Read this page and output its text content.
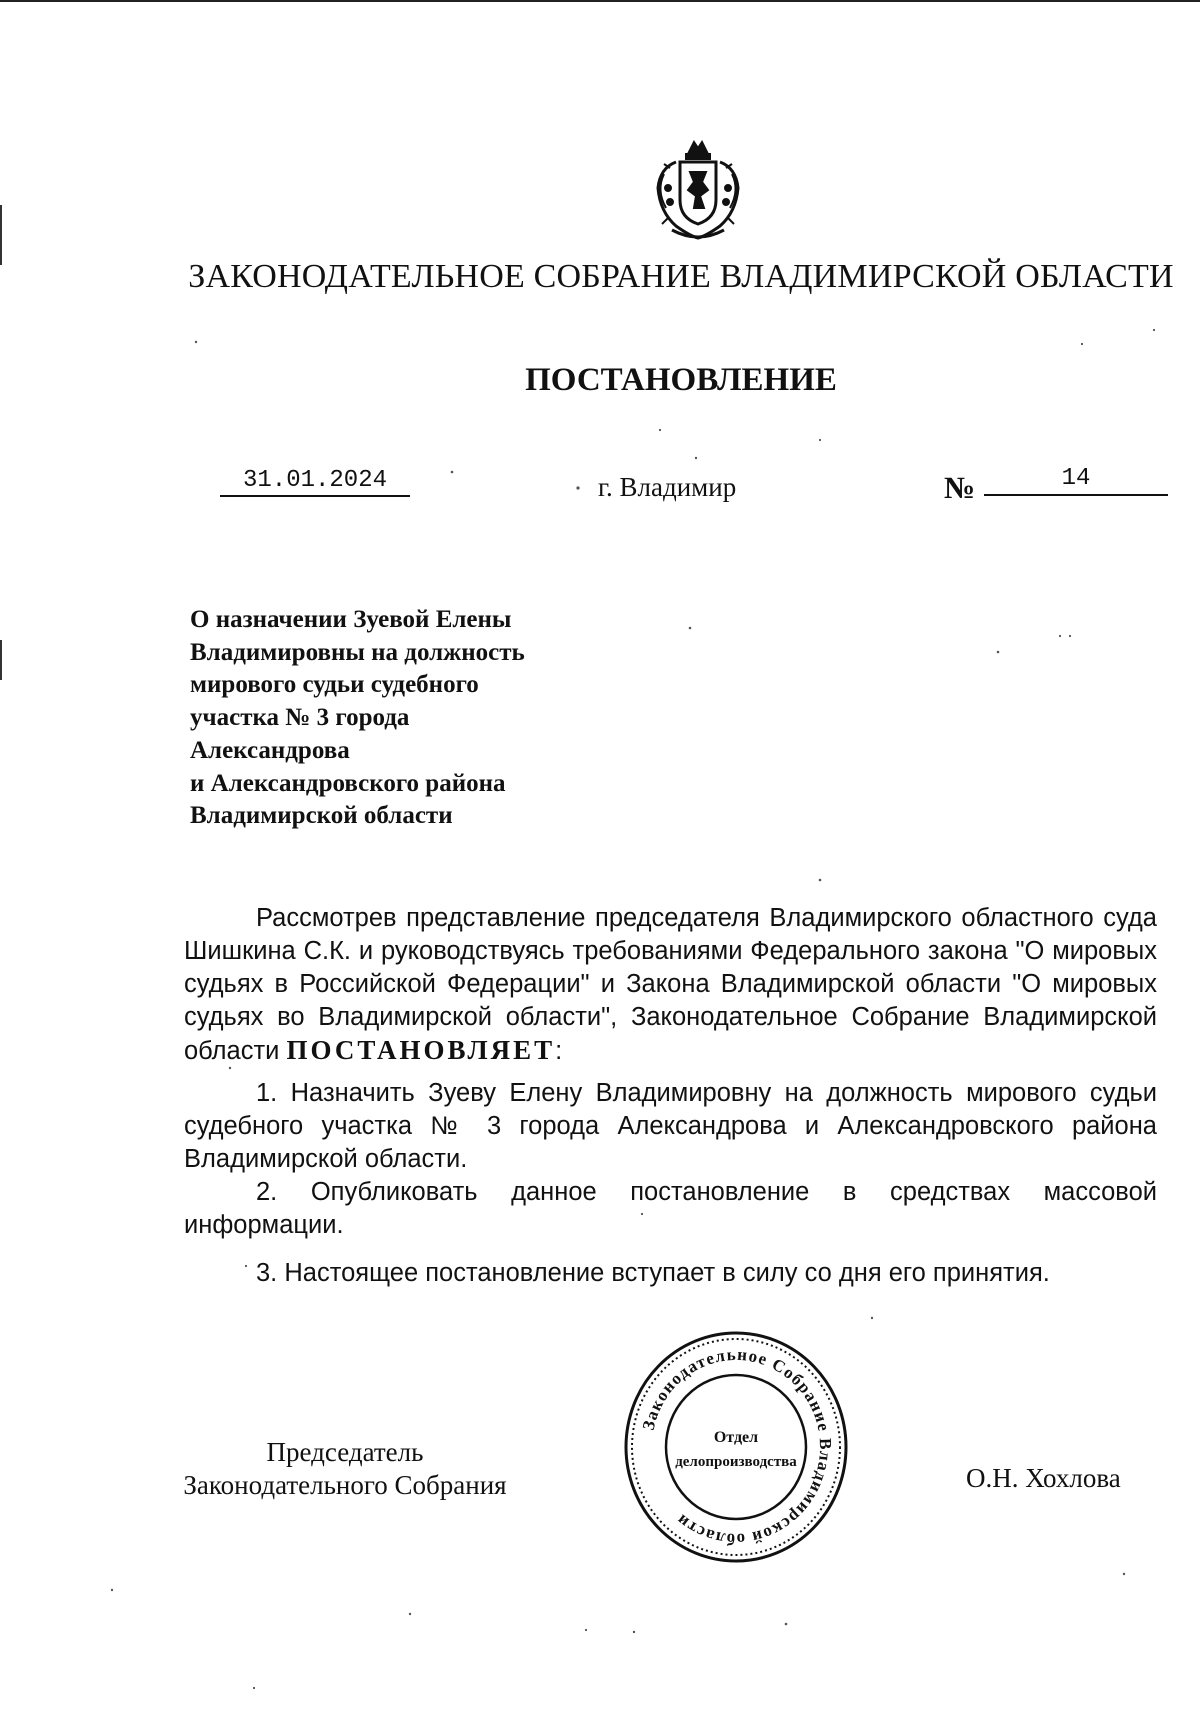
ЗАКОНОДАТЕЛЬНОЕ СОБРАНИЕ ВЛАДИМИРСКОЙ ОБЛАСТИ
ПОСТАНОВЛЕНИЕ
31.01.2024	г. Владимир	№	14
О назначении Зуевой Елены
Владимировны на должность
мирового судьи судебного
участка № 3 города
Александрова
и Александровского района
Владимирской области

Рассмотрев представление председателя Владимирского областного суда Шишкина С.К. и руководствуясь требованиями Федерального закона "О мировых судьях в Российской Федерации" и Закона Владимирской области "О мировых судьях во Владимирской области", Законодательное Собрание Владимирской области ПОСТАНОВЛЯЕТ:

1. Назначить Зуеву Елену Владимировну на должность мирового судьи судебного участка № 3 города Александрова и Александровского района Владимирской области.

2. Опубликовать данное постановление в средствах массовой информации.

3. Настоящее постановление вступает в силу со дня его принятия.

Председатель
Законодательного Собрания
Законодательное Собрание Владимирской области
Отдел
делопроизводства
О.Н. Хохлова
